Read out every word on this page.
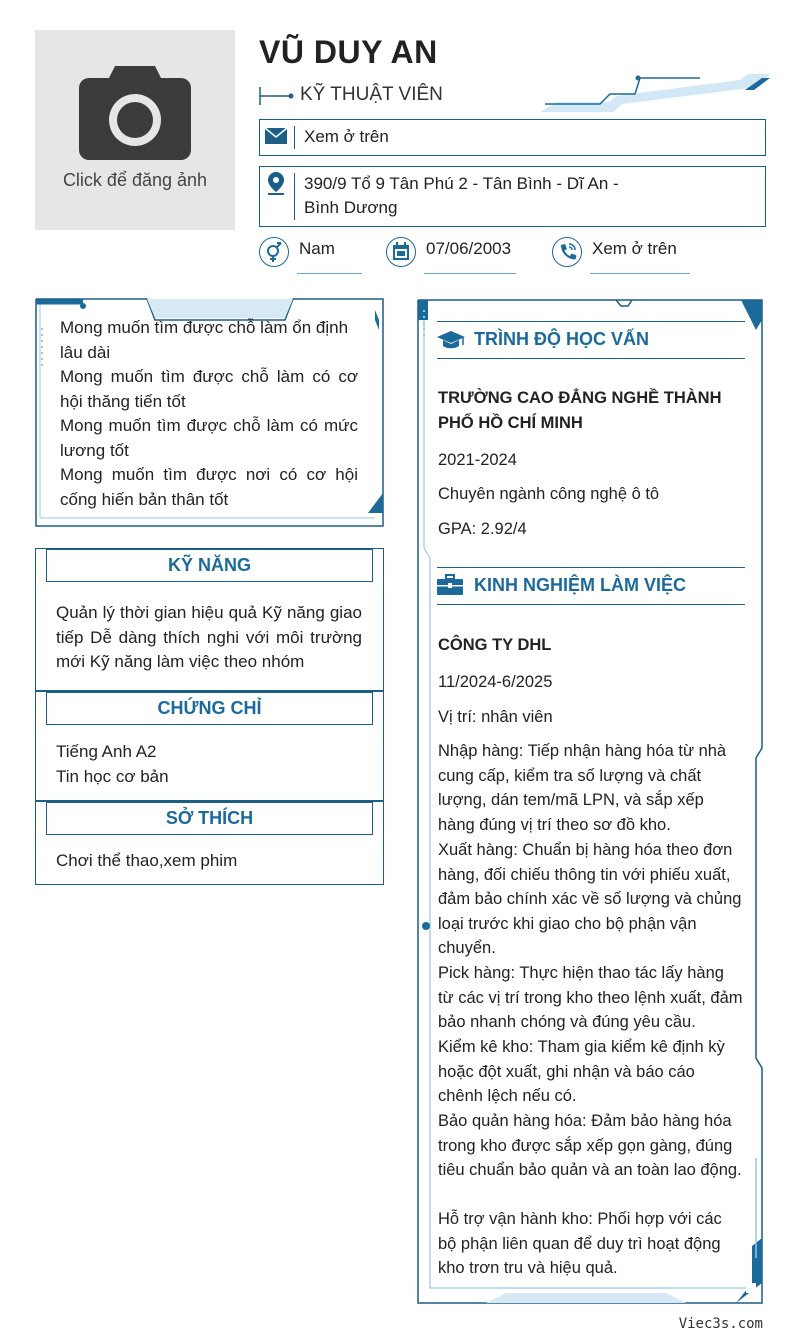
Click để đăng ảnh
VŨ DUY AN
KỸ THUẬT VIÊN
Xem ở trên
390/9 Tổ 9 Tân Phú 2 - Tân Bình - Dĩ An -
Bình Dương
Nam	07/06/2003	Xem ở trên
Mong muốn tìm được chỗ làm ổn định lâu dài
Mong muốn tìm được chỗ làm có cơ hội thăng tiến tốt
Mong muốn tìm được chỗ làm có mức lương tốt
Mong muốn tìm được nơi có cơ hội cống hiến bản thân tốt
KỸ NĂNG
Quản lý thời gian hiệu quả Kỹ năng giao tiếp Dễ dàng thích nghi với môi trường mới Kỹ năng làm việc theo nhóm
CHỨNG CHỈ
Tiếng Anh A2
Tin học cơ bản
SỞ THÍCH
Chơi thể thao,xem phim
TRÌNH ĐỘ HỌC VẤN
TRƯỜNG CAO ĐẲNG NGHỀ THÀNH PHỐ HỒ CHÍ MINH
2021-2024
Chuyên ngành công nghệ ô tô
GPA: 2.92/4
KINH NGHIỆM LÀM VIỆC
CÔNG TY DHL
11/2024-6/2025
Vị trí: nhân viên
Nhập hàng: Tiếp nhận hàng hóa từ nhà cung cấp, kiểm tra số lượng và chất lượng, dán tem/mã LPN, và sắp xếp hàng đúng vị trí theo sơ đồ kho.
Xuất hàng: Chuẩn bị hàng hóa theo đơn hàng, đối chiếu thông tin với phiếu xuất, đảm bảo chính xác về số lượng và chủng loại trước khi giao cho bộ phận vận chuyển.
Pick hàng: Thực hiện thao tác lấy hàng từ các vị trí trong kho theo lệnh xuất, đảm bảo nhanh chóng và đúng yêu cầu.
Kiểm kê kho: Tham gia kiểm kê định kỳ hoặc đột xuất, ghi nhận và báo cáo chênh lệch nếu có.
Bảo quản hàng hóa: Đảm bảo hàng hóa trong kho được sắp xếp gọn gàng, đúng tiêu chuẩn bảo quản và an toàn lao động.
Hỗ trợ vận hành kho: Phối hợp với các bộ phận liên quan để duy trì hoạt động kho trơn tru và hiệu quả.
Viec3s.com
